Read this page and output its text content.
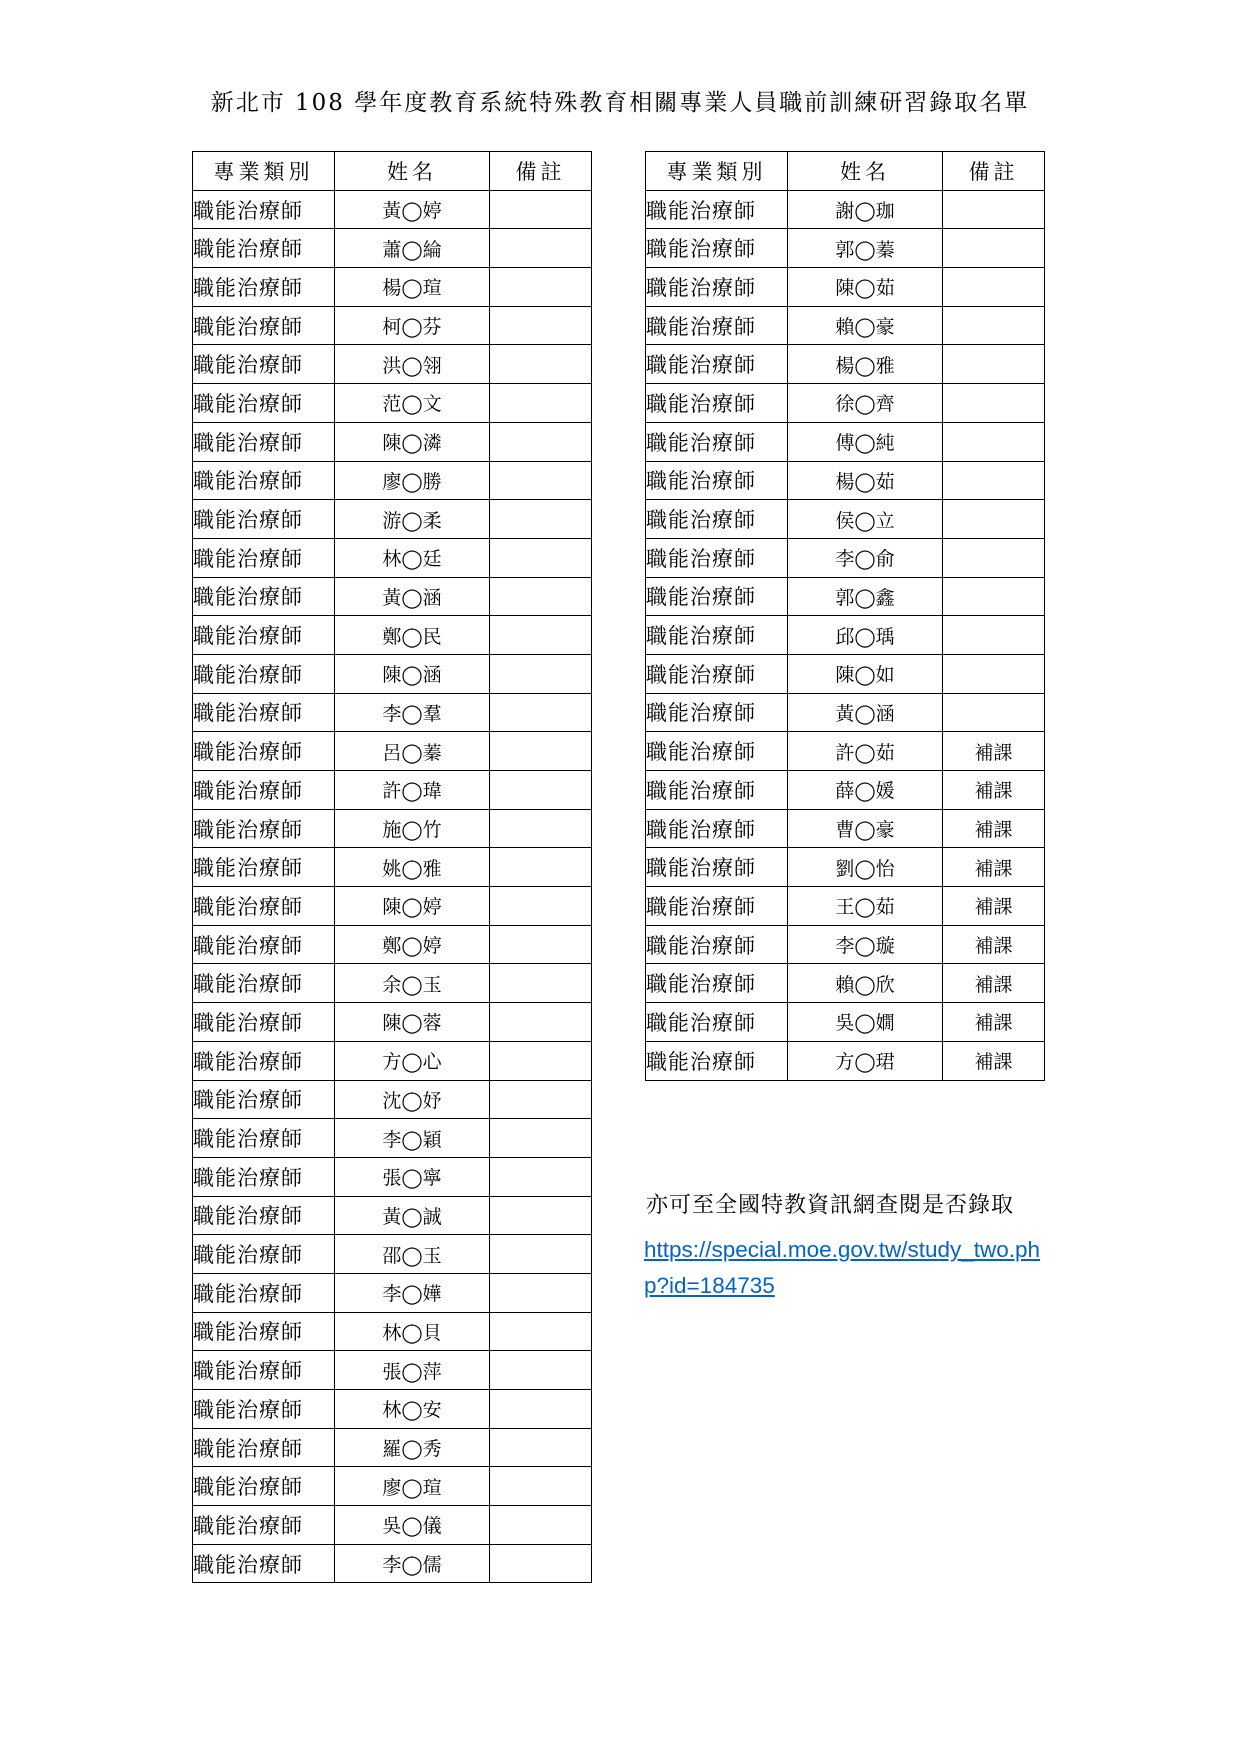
新北市 108 學年度教育系統特殊教育相關專業人員職前訓練研習錄取名單
專業類別	姓名	備註
職能治療師	黃◯婷	
職能治療師	蕭◯綸	
職能治療師	楊◯瑄	
職能治療師	柯◯芬	
職能治療師	洪◯翎	
職能治療師	范◯文	
職能治療師	陳◯潾	
職能治療師	廖◯勝	
職能治療師	游◯柔	
職能治療師	林◯廷	
職能治療師	黃◯涵	
職能治療師	鄭◯民	
職能治療師	陳◯涵	
職能治療師	李◯羣	
職能治療師	呂◯蓁	
職能治療師	許◯瑋	
職能治療師	施◯竹	
職能治療師	姚◯雅	
職能治療師	陳◯婷	
職能治療師	鄭◯婷	
職能治療師	余◯玉	
職能治療師	陳◯蓉	
職能治療師	方◯心	
職能治療師	沈◯妤	
職能治療師	李◯穎	
職能治療師	張◯寧	
職能治療師	黃◯誠	
職能治療師	邵◯玉	
職能治療師	李◯嬅	
職能治療師	林◯貝	
職能治療師	張◯萍	
職能治療師	林◯安	
職能治療師	羅◯秀	
職能治療師	廖◯瑄	
職能治療師	吳◯儀	
職能治療師	李◯儒	
專業類別	姓名	備註
職能治療師	謝◯珈	
職能治療師	郭◯蓁	
職能治療師	陳◯茹	
職能治療師	賴◯豪	
職能治療師	楊◯雅	
職能治療師	徐◯齊	
職能治療師	傅◯純	
職能治療師	楊◯茹	
職能治療師	侯◯立	
職能治療師	李◯俞	
職能治療師	郭◯鑫	
職能治療師	邱◯瑀	
職能治療師	陳◯如	
職能治療師	黃◯涵	
職能治療師	許◯茹	補課
職能治療師	薛◯媛	補課
職能治療師	曹◯豪	補課
職能治療師	劉◯怡	補課
職能治療師	王◯茹	補課
職能治療師	李◯璇	補課
職能治療師	賴◯欣	補課
職能治療師	吳◯嫺	補課
職能治療師	方◯珺	補課
亦可至全國特教資訊網查閱是否錄取
https://special.moe.gov.tw/study_two.php?id=184735
